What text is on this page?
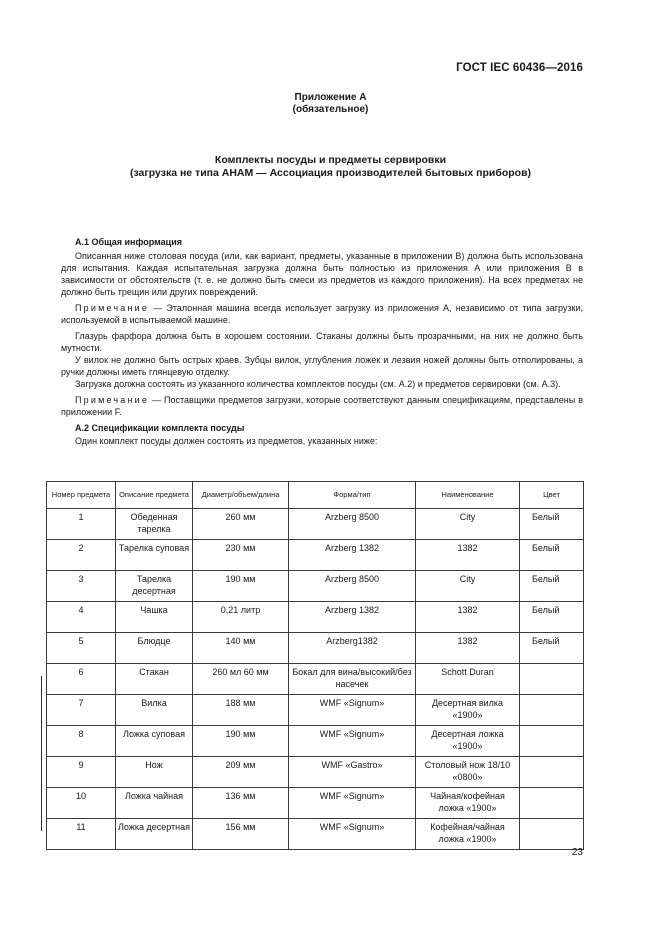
ГОСТ IEC 60436—2016
Приложение А
(обязательное)
Комплекты посуды и предметы сервировки
(загрузка не типа АНАМ — Ассоциация производителей бытовых приборов)

А.1 Общая информация

Описанная ниже столовая посуда (или, как вариант, предметы, указанные в приложении В) должна быть использована для испытания. Каждая испытательная загрузка должна быть полностью из приложения А или приложения В в зависимости от обстоятельств (т. е. не должно быть смеси из предметов из каждого приложения). На всех предметах не должно быть трещин или других повреждений.

Примечание — Эталонная машина всегда использует загрузку из приложения А, независимо от типа загрузки, используемой в испытываемой машине.

Глазурь фарфора должна быть в хорошем состоянии. Стаканы должны быть прозрачными, на них не должно быть мутности.

У вилок не должно быть острых краев. Зубцы вилок, углубления ложек и лезвия ножей должны быть отполированы, а ручки должны иметь глянцевую отделку.

Загрузка должна состоять из указанного количества комплектов посуды (см. А.2) и предметов сервировки (см. А.3).

Примечание — Поставщики предметов загрузки, которые соответствуют данным спецификациям, представлены в приложении F.

А.2 Спецификации комплекта посуды

Один комплект посуды должен состоять из предметов, указанных ниже:

Номер предмета	Описание предмета	Диаметр/объем/длина	Форма/тип	Наименование	Цвет
1	Обеденная тарелка	260 мм	Arzberg 8500	City	Белый
2	Тарелка суповая	230 мм	Arzberg 1382	1382	Белый
3	Тарелка десертная	190 мм	Arzberg 8500	City	Белый
4	Чашка	0,21 литр	Arzberg 1382	1382	Белый
5	Блюдце	140 мм	Arzberg1382	1382	Белый
6	Стакан	260 мл 60 мм	Бокал для вина/высокий/без насечек	Schott Duran	
7	Вилка	188 мм	WMF «Signum»	Десертная вилка «1900»	
8	Ложка суповая	190 мм	WMF «Signum»	Десертная ложка «1900»	
9	Нож	209 мм	WMF «Gastro»	Столовый нож 18/10 «0800»	
10	Ложка чайная	136 мм	WMF «Signum»	Чайная/кофейная ложка «1900»	
11	Ложка десертная	156 мм	WMF «Signum»	Кофейная/чайная ложка «1900»	
23
